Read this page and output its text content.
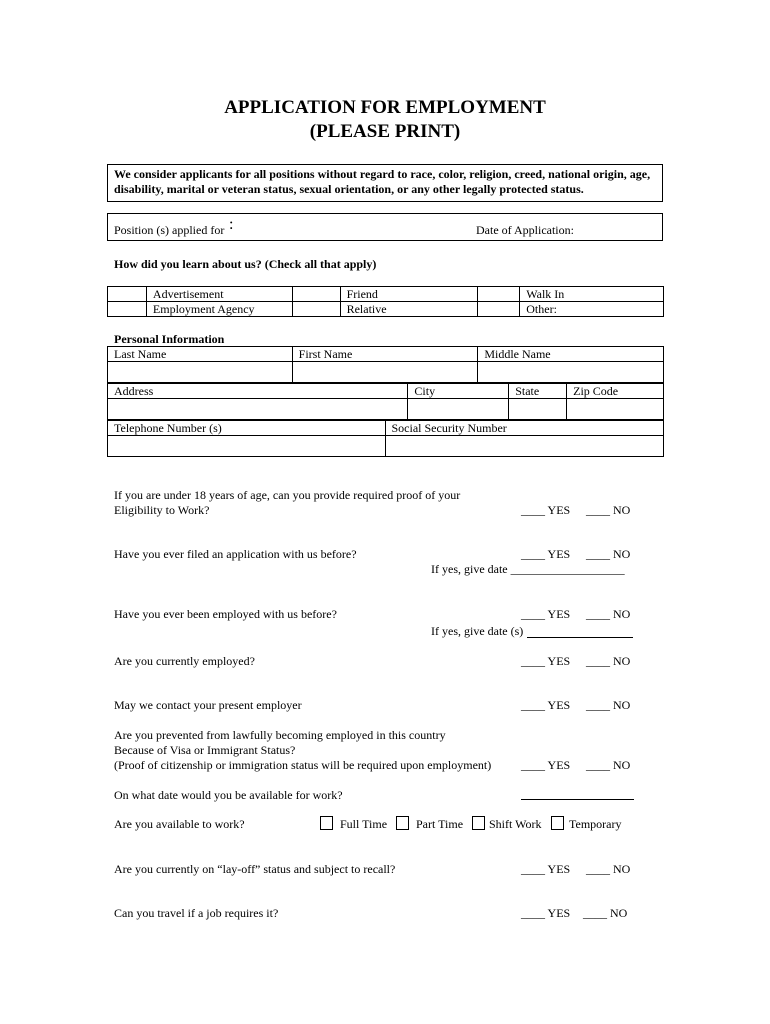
APPLICATION FOR EMPLOYMENT
(PLEASE PRINT)
We consider applicants for all positions without regard to race, color, religion, creed, national origin, age, disability, marital or veteran status, sexual orientation, or any other legally protected status.
Position (s) applied for :	Date of Application:
How did you learn about us? (Check all that apply)
	Advertisement		Friend		Walk In
	Employment Agency		Relative		Other:
Personal Information
Last Name	First Name	Middle Name

Address	City	State	Zip Code

Telephone Number (s)	Social Security Number

If you are under 18 years of age, can you provide required proof of your
Eligibility to Work?	____ YES ____ NO
Have you ever filed an application with us before?	____ YES ____ NO
If yes, give date ___________________
Have you ever been employed with us before?	____ YES ____ NO
If yes, give date (s)
Are you currently employed?	____ YES ____ NO
May we contact your present employer	____ YES ____ NO
Are you prevented from lawfully becoming employed in this country
Because of Visa or Immigrant Status?
(Proof of citizenship or immigration status will be required upon employment) ____ YES ____ NO
On what date would you be available for work?
Are you available to work?	Full Time Part Time Shift Work Temporary
Are you currently on “lay-off” status and subject to recall?	____ YES ____ NO
Can you travel if a job requires it?	____ YES ____ NO
